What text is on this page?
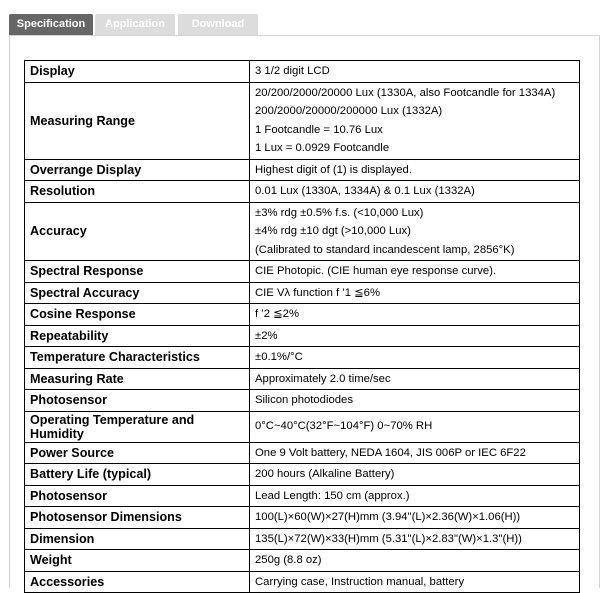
Specification	Application	Download
Display	3 1/2 digit LCD

Measuring Range	20/200/2000/20000 Lux (1330A, also Footcandle for 1334A)
200/2000/20000/200000 Lux (1332A)
1 Footcandle = 10.76 Lux
1 Lux = 0.0929 Footcandle

Overrange Display	Highest digit of (1) is displayed.

Resolution	0.01 Lux (1330A, 1334A) & 0.1 Lux (1332A)

Accuracy	±3% rdg ±0.5% f.s. (<10,000 Lux)
±4% rdg ±10 dgt (>10,000 Lux)
(Calibrated to standard incandescent lamp, 2856°K)

Spectral Response	CIE Photopic. (CIE human eye response curve).

Spectral Accuracy	CIE Vλ function f ’1 ≦6%

Cosine Response	f ’2 ≦2%

Repeatability	±2%

Temperature Characteristics	±0.1%/°C

Measuring Rate	Approximately 2.0 time/sec

Photosensor	Silicon photodiodes

Operating Temperature and Humidity	0°C~40°C(32°F~104°F) 0~70% RH

Power Source	One 9 Volt battery, NEDA 1604, JIS 006P or IEC 6F22

Battery Life (typical)	200 hours (Alkaline Battery)

Photosensor	Lead Length: 150 cm (approx.)

Photosensor Dimensions	100(L)×60(W)×27(H)mm (3.94"(L)×2.36(W)×1.06(H))

Dimension	135(L)×72(W)×33(H)mm (5.31"(L)×2.83"(W)×1.3"(H))

Weight	250g (8.8 oz)

Accessories	Carrying case, Instruction manual, battery
